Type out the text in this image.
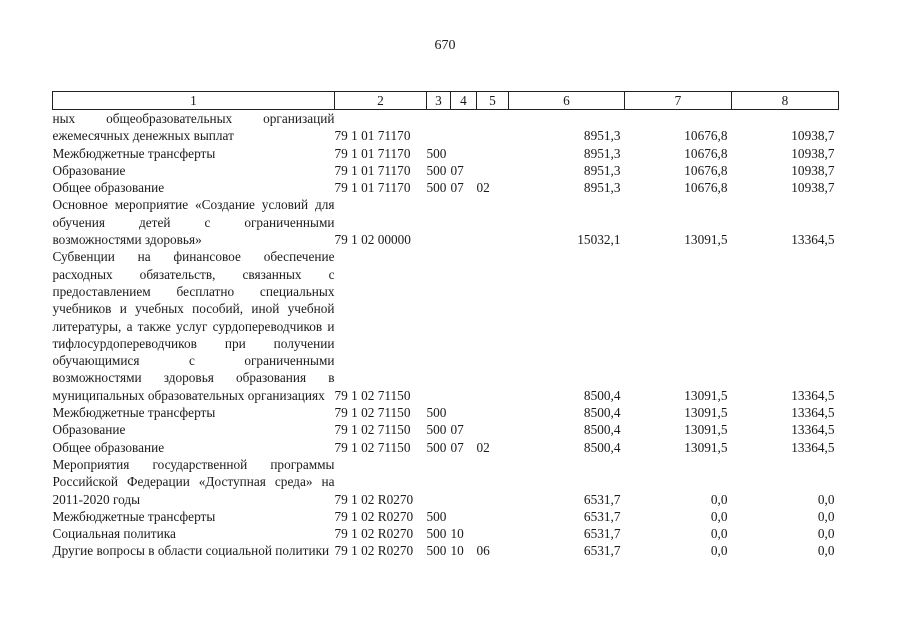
670
1	2	3	4	5	6	7	8
ных общеобразовательных организаций ежемесячных денежных выплат	79 1 01 71170				8951,3	10676,8	10938,7
Межбюджетные трансферты	79 1 01 71170	500			8951,3	10676,8	10938,7
Образование	79 1 01 71170	500	07		8951,3	10676,8	10938,7
Общее образование	79 1 01 71170	500	07	02	8951,3	10676,8	10938,7
Основное мероприятие «Создание условий для обучения детей с ограниченными возможностями здоровья»	79 1 02 00000				15032,1	13091,5	13364,5
Субвенции на финансовое обеспечение расходных обязательств, связанных с предоставлением бесплатно специальных учебников и учебных пособий, иной учебной литературы, а также услуг сурдопереводчиков и тифлосурдопереводчиков при получении обучающимися с ограниченными возможностями здоровья образования в муниципальных образовательных организациях	79 1 02 71150				8500,4	13091,5	13364,5
Межбюджетные трансферты	79 1 02 71150	500			8500,4	13091,5	13364,5
Образование	79 1 02 71150	500	07		8500,4	13091,5	13364,5
Общее образование	79 1 02 71150	500	07	02	8500,4	13091,5	13364,5
Мероприятия государственной программы Российской Федерации «Доступная среда» на 2011-2020 годы	79 1 02 R0270				6531,7	0,0	0,0
Межбюджетные трансферты	79 1 02 R0270	500			6531,7	0,0	0,0
Социальная политика	79 1 02 R0270	500	10		6531,7	0,0	0,0
Другие вопросы в области социальной политики	79 1 02 R0270	500	10	06	6531,7	0,0	0,0
